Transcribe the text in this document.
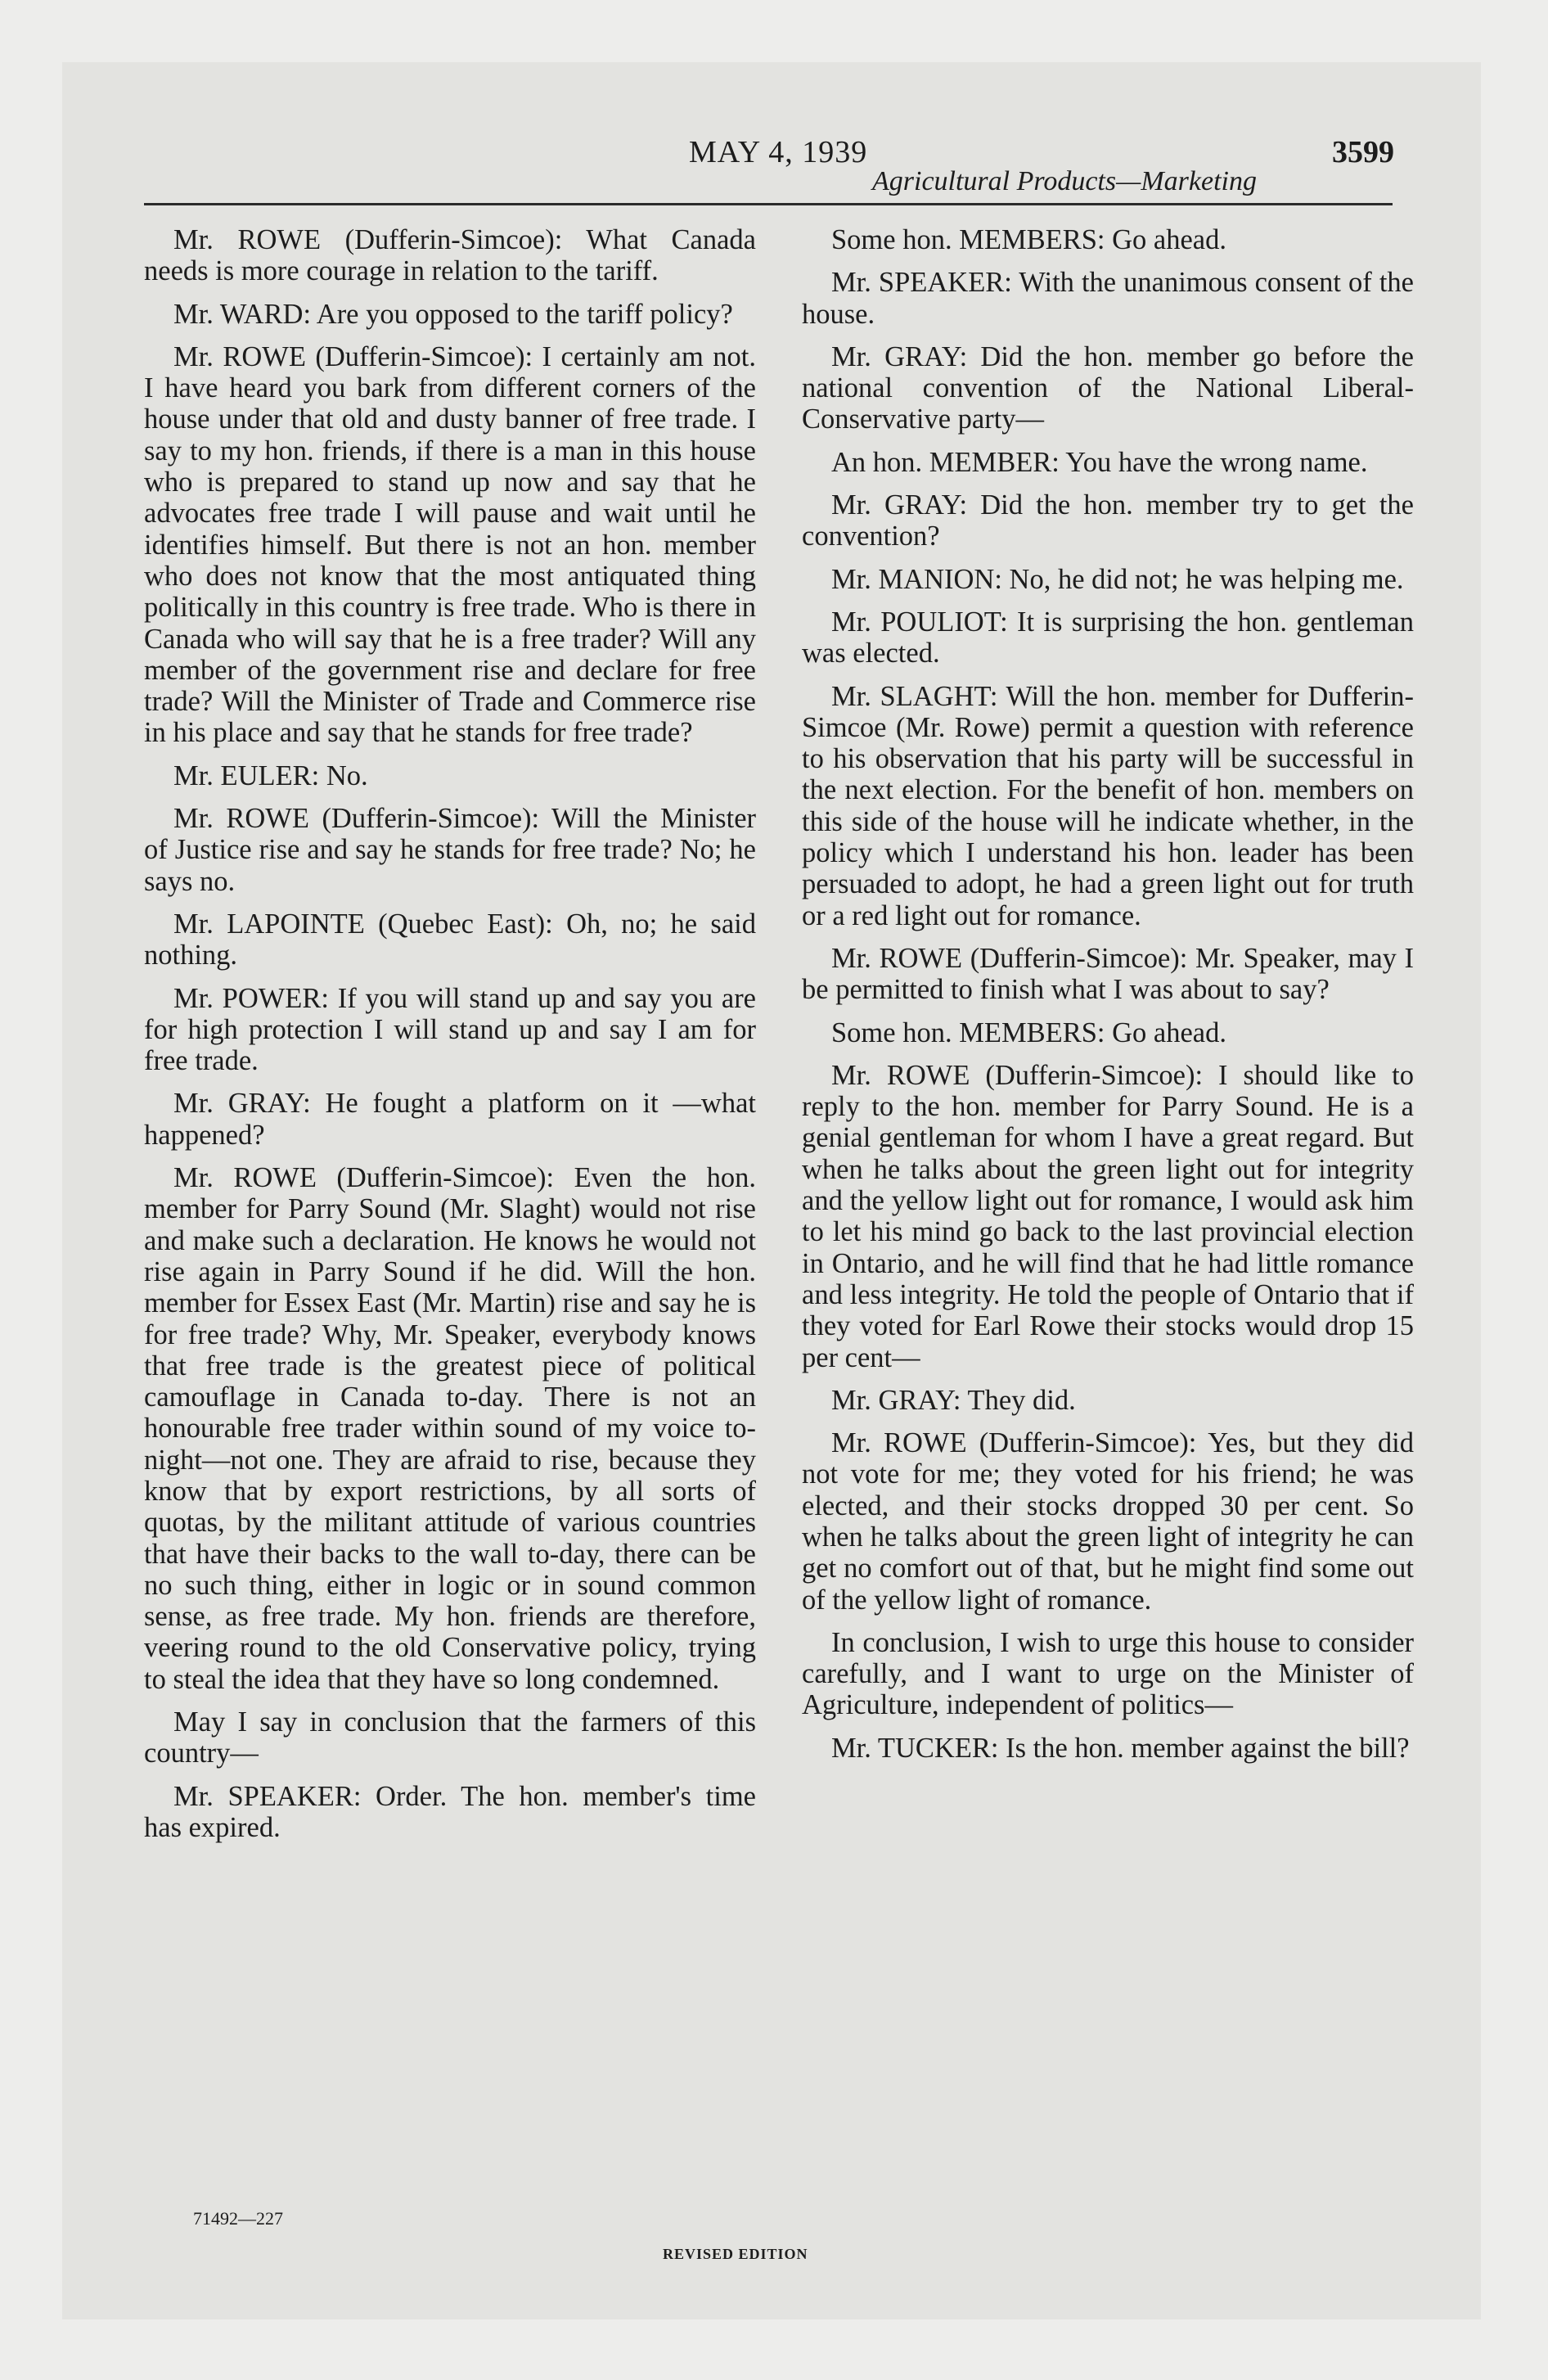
MAY 4, 1939	3599
Agricultural Products—Marketing

Mr. ROWE (Dufferin-Simcoe): What Canada needs is more courage in relation to the tariff.

Mr. WARD: Are you opposed to the tariff policy?

Mr. ROWE (Dufferin-Simcoe): I certainly am not. I have heard you bark from different corners of the house under that old and dusty banner of free trade. I say to my hon. friends, if there is a man in this house who is prepared to stand up now and say that he advocates free trade I will pause and wait until he identifies himself. But there is not an hon. member who does not know that the most antiquated thing politically in this country is free trade. Who is there in Canada who will say that he is a free trader? Will any member of the government rise and declare for free trade? Will the Minister of Trade and Commerce rise in his place and say that he stands for free trade?

Mr. EULER: No.

Mr. ROWE (Dufferin-Simcoe): Will the Minister of Justice rise and say he stands for free trade? No; he says no.

Mr. LAPOINTE (Quebec East): Oh, no; he said nothing.

Mr. POWER: If you will stand up and say you are for high protection I will stand up and say I am for free trade.

Mr. GRAY: He fought a platform on it —what happened?

Mr. ROWE (Dufferin-Simcoe): Even the hon. member for Parry Sound (Mr. Slaght) would not rise and make such a declaration. He knows he would not rise again in Parry Sound if he did. Will the hon. member for Essex East (Mr. Martin) rise and say he is for free trade? Why, Mr. Speaker, everybody knows that free trade is the greatest piece of political camouflage in Canada to-day. There is not an honourable free trader within sound of my voice to-night—not one. They are afraid to rise, because they know that by export restrictions, by all sorts of quotas, by the militant attitude of various countries that have their backs to the wall to-day, there can be no such thing, either in logic or in sound common sense, as free trade. My hon. friends are therefore, veering round to the old Conservative policy, trying to steal the idea that they have so long condemned.

May I say in conclusion that the farmers of this country—

Mr. SPEAKER: Order. The hon. member's time has expired.

Some hon. MEMBERS: Go ahead.

Mr. SPEAKER: With the unanimous consent of the house.

Mr. GRAY: Did the hon. member go before the national convention of the National Liberal-Conservative party—

An hon. MEMBER: You have the wrong name.

Mr. GRAY: Did the hon. member try to get the convention?

Mr. MANION: No, he did not; he was helping me.

Mr. POULIOT: It is surprising the hon. gentleman was elected.

Mr. SLAGHT: Will the hon. member for Dufferin-Simcoe (Mr. Rowe) permit a question with reference to his observation that his party will be successful in the next election. For the benefit of hon. members on this side of the house will he indicate whether, in the policy which I understand his hon. leader has been persuaded to adopt, he had a green light out for truth or a red light out for romance.

Mr. ROWE (Dufferin-Simcoe): Mr. Speaker, may I be permitted to finish what I was about to say?

Some hon. MEMBERS: Go ahead.

Mr. ROWE (Dufferin-Simcoe): I should like to reply to the hon. member for Parry Sound. He is a genial gentleman for whom I have a great regard. But when he talks about the green light out for integrity and the yellow light out for romance, I would ask him to let his mind go back to the last provincial election in Ontario, and he will find that he had little romance and less integrity. He told the people of Ontario that if they voted for Earl Rowe their stocks would drop 15 per cent—

Mr. GRAY: They did.

Mr. ROWE (Dufferin-Simcoe): Yes, but they did not vote for me; they voted for his friend; he was elected, and their stocks dropped 30 per cent. So when he talks about the green light of integrity he can get no comfort out of that, but he might find some out of the yellow light of romance.

In conclusion, I wish to urge this house to consider carefully, and I want to urge on the Minister of Agriculture, independent of politics—

Mr. TUCKER: Is the hon. member against the bill?

71492—227
REVISED EDITION
